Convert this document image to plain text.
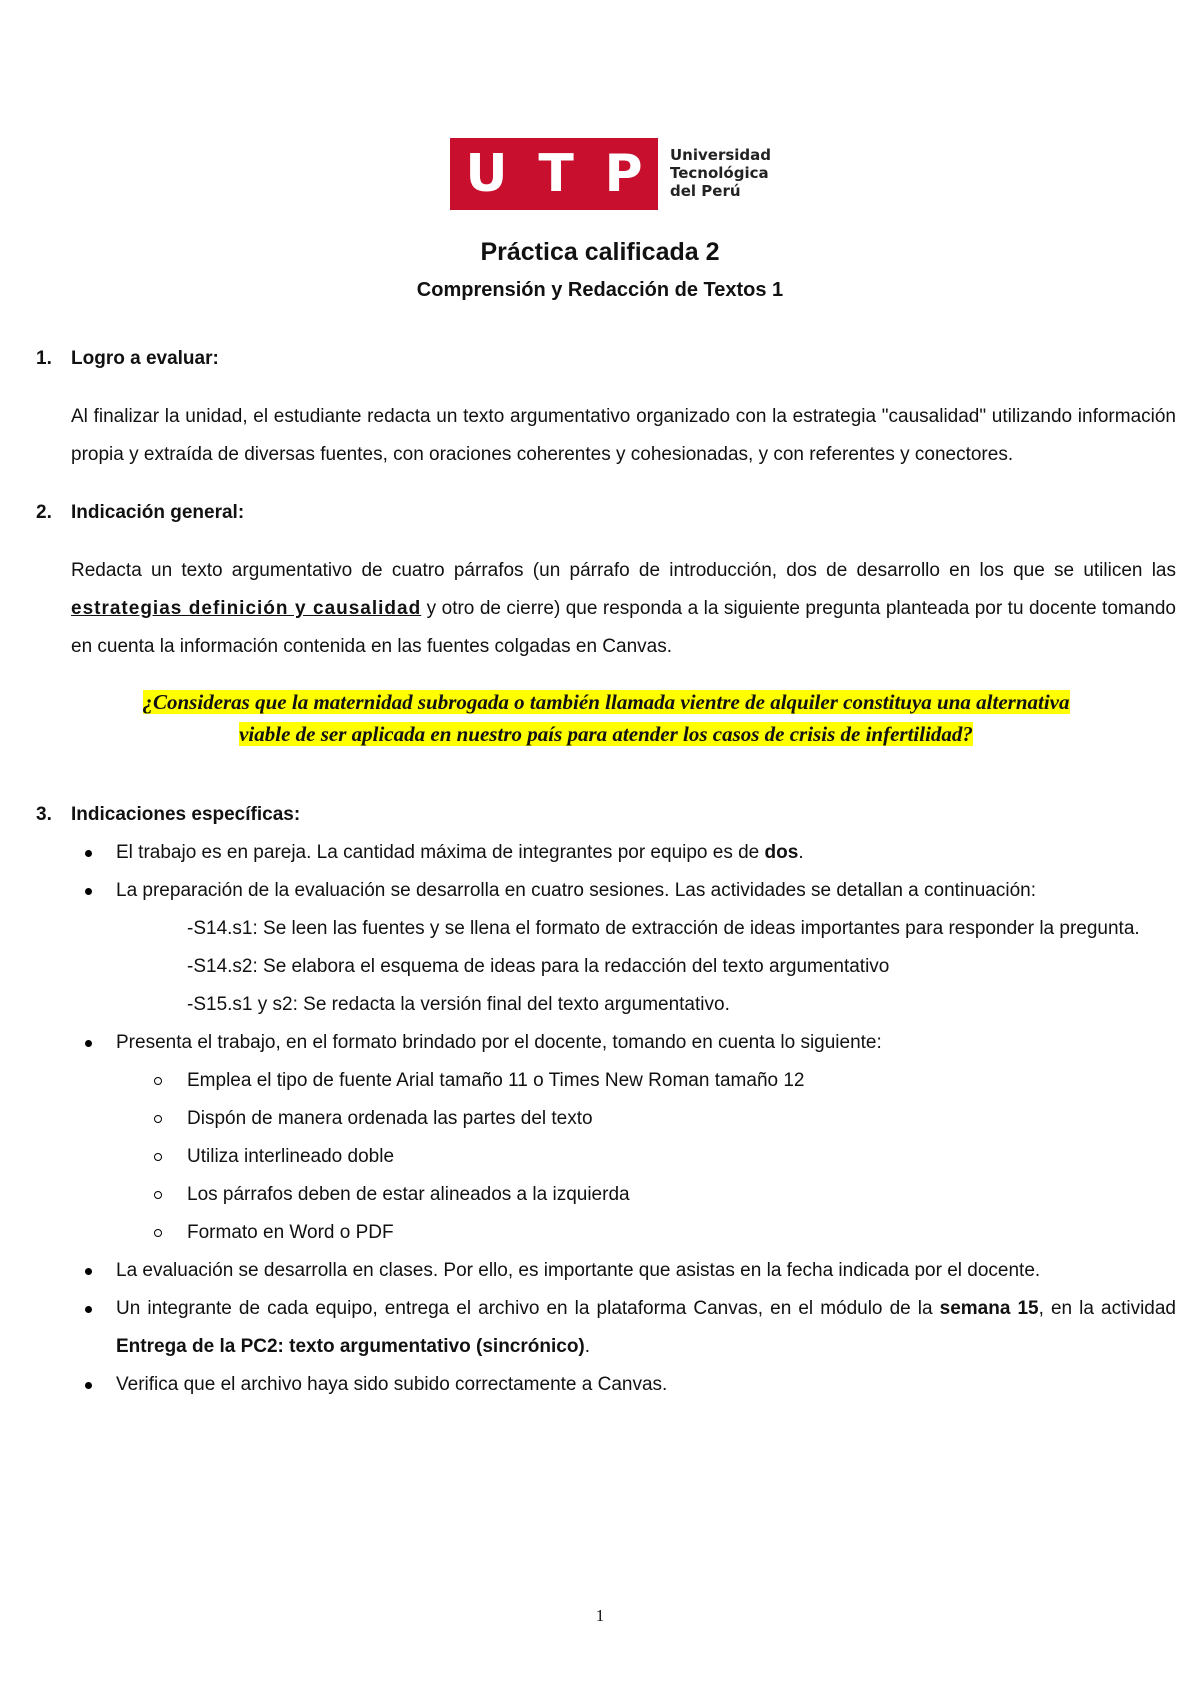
U T P Universidad
Tecnológica
del Perú
Práctica calificada 2
Comprensión y Redacción de Textos 1
1.	Logro a evaluar:

Al finalizar la unidad, el estudiante redacta un texto argumentativo organizado con la estrategia "causalidad" utilizando información propia y extraída de diversas fuentes, con oraciones coherentes y cohesionadas, y con referentes y conectores.

2.	Indicación general:

Redacta un texto argumentativo de cuatro párrafos (un párrafo de introducción, dos de desarrollo en los que se utilicen las estrategias definición y causalidad y otro de cierre) que responda a la siguiente pregunta planteada por tu docente tomando en cuenta la información contenida en las fuentes colgadas en Canvas.

¿Consideras que la maternidad subrogada o también llamada vientre de alquiler constituya una alternativa
viable de ser aplicada en nuestro país para atender los casos de crisis de infertilidad?
3.	Indicaciones específicas:
El trabajo es en pareja. La cantidad máxima de integrantes por equipo es de dos.
La preparación de la evaluación se desarrolla en cuatro sesiones. Las actividades se detallan a continuación:
-S14.s1: Se leen las fuentes y se llena el formato de extracción de ideas importantes para responder la pregunta.
-S14.s2: Se elabora el esquema de ideas para la redacción del texto argumentativo
-S15.s1 y s2: Se redacta la versión final del texto argumentativo.
Presenta el trabajo, en el formato brindado por el docente, tomando en cuenta lo siguiente:
Emplea el tipo de fuente Arial tamaño 11 o Times New Roman tamaño 12
Dispón de manera ordenada las partes del texto
Utiliza interlineado doble
Los párrafos deben de estar alineados a la izquierda
Formato en Word o PDF
La evaluación se desarrolla en clases. Por ello, es importante que asistas en la fecha indicada por el docente.
Un integrante de cada equipo, entrega el archivo en la plataforma Canvas, en el módulo de la semana 15, en la actividad Entrega de la PC2: texto argumentativo (sincrónico).
Verifica que el archivo haya sido subido correctamente a Canvas.
1
